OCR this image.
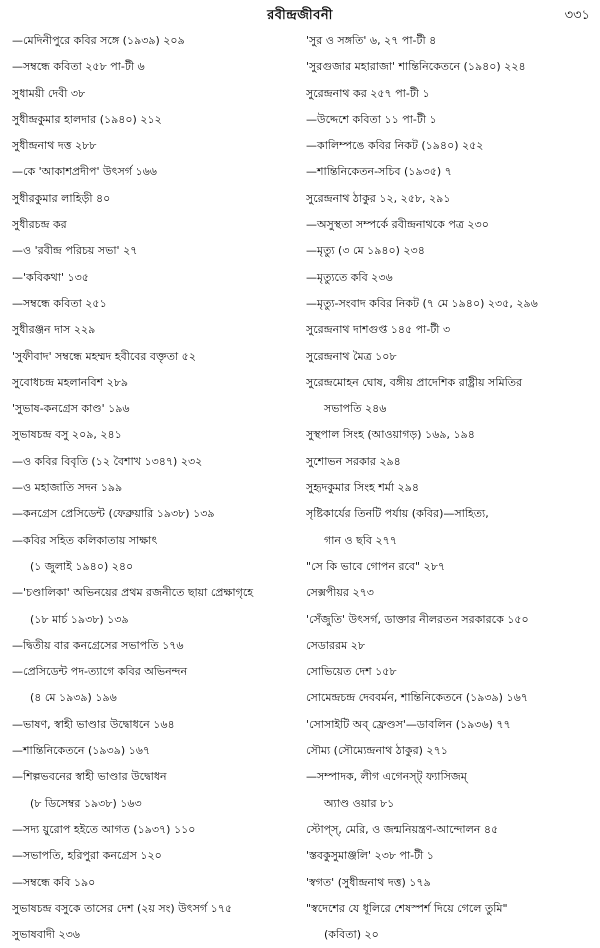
রবীন্দ্রজীবনী	৩৩১
—মেদিনীপুরে কবির সঙ্গে (১৯৩৯) ২০৯
—সম্বন্ধে কবিতা ২৫৮ পা-টী ৬
সুধাময়ী দেবী ৩৮
সুধীন্দ্রকুমার হালদার (১৯৪০) ২১২
সুধীন্দ্রনাথ দত্ত ২৮৮
—কে 'আকাশপ্রদীপ' উৎসর্গ ১৬৬
সুধীরকুমার লাহিড়ী ৪০
সুধীরচন্দ্র কর
—ও 'রবীন্দ্র পরিচয় সভা' ২৭
—'কবিকথা' ১৩৫
—সম্বন্ধে কবিতা ২৫১
সুধীরঞ্জন দাস ২২৯
'সুফীবাদ' সম্বন্ধে মহম্মদ হবীবের বক্তৃতা ৫২
সুবোধচন্দ্র মহলানবিশ ২৮৯
'সুভাষ-কনগ্রেস কাণ্ড' ১৯৬
সুভাষচন্দ্র বসু ২০৯, ২৪১
—ও কবির বিবৃতি (১২ বৈশাখ ১৩৪৭) ২৩২
—ও মহাজাতি সদন ১৯৯
—কনগ্রেস প্রেসিডেন্ট (ফেব্রুয়ারি ১৯৩৮) ১৩৯
—কবির সহিত কলিকাতায় সাক্ষাৎ
(১ জুলাই ১৯৪০) ২৪০
—'চণ্ডালিকা' অভিনয়ের প্রথম রজনীতে ছায়া প্রেক্ষাগৃহে
(১৮ মার্চ ১৯৩৮) ১৩৯
—দ্বিতীয় বার কনগ্রেসের সভাপতি ১৭৬
—প্রেসিডেন্ট পদ-ত্যাগে কবির অভিনন্দন
(৪ মে ১৯৩৯) ১৯৬
—ভাষণ, স্বাহী ভাণ্ডার উদ্বোধনে ১৬৪
—শান্তিনিকেতনে (১৯৩৯) ১৬৭
—শিল্পভবনের স্বাহী ভাণ্ডার উদ্বোধন
(৮ ডিসেম্বর ১৯৩৮) ১৬৩
—সদ্য য়ুরোপ হইতে আগত (১৯৩৭) ১১০
—সভাপতি, হরিপুরা কনগ্রেস ১২০
—সম্বন্ধে কবি ১৯০
সুভাষচন্দ্র বসুকে তাসের দেশ (২য় সং) উৎসর্গ ১৭৫
সুভাষবাদী ২৩৬
'সুর ও সঙ্গতি' ৬, ২৭ পা-টী ৪
'সুরগুজার মহারাজা' শান্তিনিকেতনে (১৯৪০) ২২৪
সুরেন্দ্রনাথ কর ২৫৭ পা-টী ১
—উদ্দেশে কবিতা ১১ পা-টী ১
—কালিম্পঙে কবির নিকট (১৯৪০) ২৫২
—শান্তিনিকেতন-সচিব (১৯৩৫) ৭
সুরেন্দ্রনাথ ঠাকুর ১২, ২৫৮, ২৯১
—অসুস্থতা সম্পর্কে রবীন্দ্রনাথকে পত্র ২৩০
—মৃত্যু (৩ মে ১৯৪০) ২৩৪
—মৃত্যুতে কবি ২৩৬
—মৃত্যু-সংবাদ কবির নিকট (৭ মে ১৯৪০) ২৩৫, ২৯৬
সুরেন্দ্রনাথ দাশগুপ্ত ১৪৫ পা-টী ৩
সুরেন্দ্রনাথ মৈত্র ১০৮
সুরেন্দ্রমোহন ঘোষ, বঙ্গীয় প্রাদেশিক রাষ্ট্রীয় সমিতির
সভাপতি ২৪৬
সুস্থপাল সিংহ (আওয়াগড়) ১৬৯, ১৯৪
সুশোভন সরকার ২৯৪
সুহৃদকুমার সিংহ শর্মা ২৯৪
সৃষ্টিকার্যের তিনটি পর্যায় (কবির)—সাহিত্য,
গান ও ছবি ২৭৭
"সে কি ভাবে গোপন রবে" ২৮৭
সেক্সপীয়র ২৭৩
'সেঁজুতি' উৎসর্গ, ডাক্তার নীলরতন সরকারকে ১৫০
সেডাররম ২৮
সোভিয়েত দেশ ১৫৮
সোমেন্দ্রচন্দ্র দেববর্মন, শান্তিনিকেতনে (১৯৩৯) ১৬৭
'সোসাইটি অব্ ফ্রেণ্ডস'—ডাবলিন (১৯৩৬) ৭৭
সৌম্য (সৌম্যেন্দ্রনাথ ঠাকুর) ২৭১
—সম্পাদক, লীগ এগেনস্ট্ ফ্যাসিজম্
অ্যাণ্ড ওয়ার ৮১
স্টোপ্স্, মেরি, ও জন্মনিয়ন্ত্রণ-আন্দোলন ৪৫
'স্তবকুসুমাঞ্জলি' ২৩৮ পা-টী ১
'স্বগত' (সুধীন্দ্রনাথ দত্ত) ১৭৯
"স্বদেশের যে ধূলিরে শেষস্পর্শ দিয়ে গেলে তুমি"
(কবিতা) ২০
